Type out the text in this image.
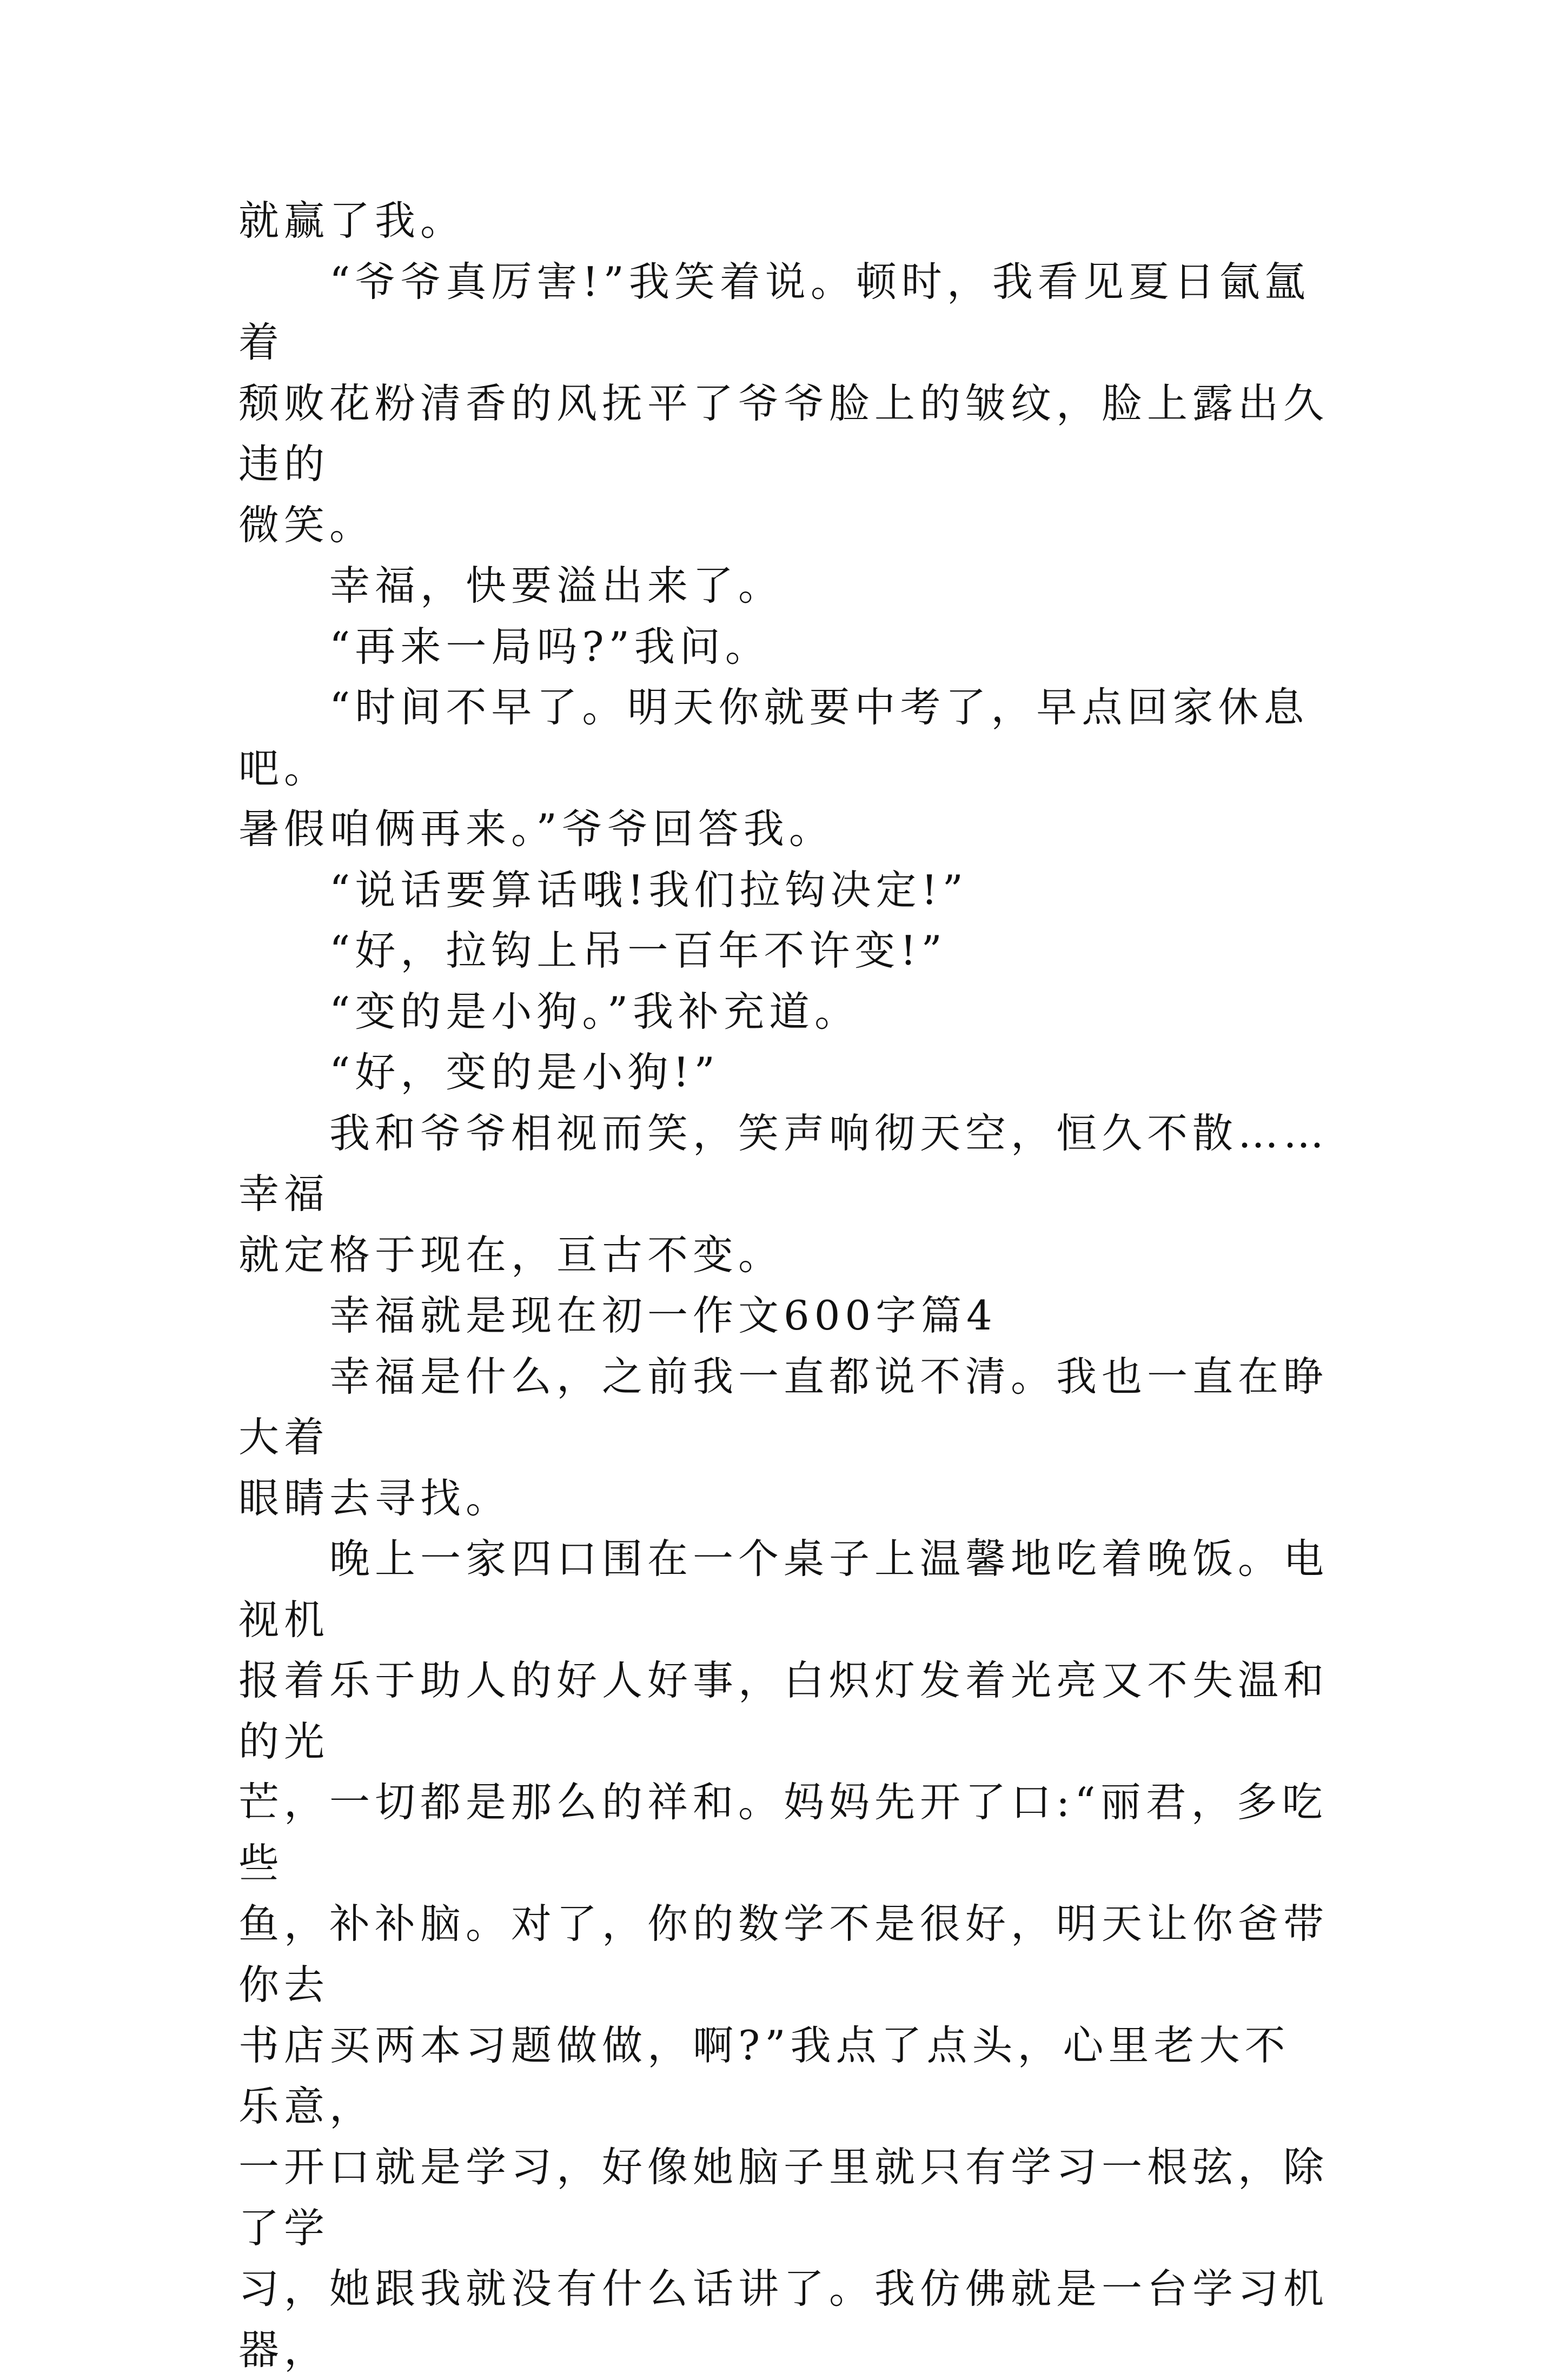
就赢了我。

　　“爷爷真厉害!”我笑着说。顿时，我看见夏日氤氲着
颓败花粉清香的风抚平了爷爷脸上的皱纹，脸上露出久违的
微笑。

　　幸福，快要溢出来了。

　　“再来一局吗?”我问。

　　“时间不早了。明天你就要中考了，早点回家休息吧。
暑假咱俩再来。”爷爷回答我。

　　“说话要算话哦!我们拉钩决定!”

　　“好，拉钩上吊一百年不许变!”

　　“变的是小狗。”我补充道。

　　“好，变的是小狗!”

　　我和爷爷相视而笑，笑声响彻天空，恒久不散……幸福
就定格于现在，亘古不变。

　　幸福就是现在初一作文600字篇4

　　幸福是什么，之前我一直都说不清。我也一直在睁大着
眼睛去寻找。

　　晚上一家四口围在一个桌子上温馨地吃着晚饭。电视机
报着乐于助人的好人好事，白炽灯发着光亮又不失温和的光
芒，一切都是那么的祥和。妈妈先开了口:“丽君，多吃些
鱼，补补脑。对了，你的数学不是很好，明天让你爸带你去
书店买两本习题做做，啊?”我点了点头，心里老大不乐意，
一开口就是学习，好像她脑子里就只有学习一根弦，除了学
习，她跟我就没有什么话讲了。我仿佛就是一台学习机器，
